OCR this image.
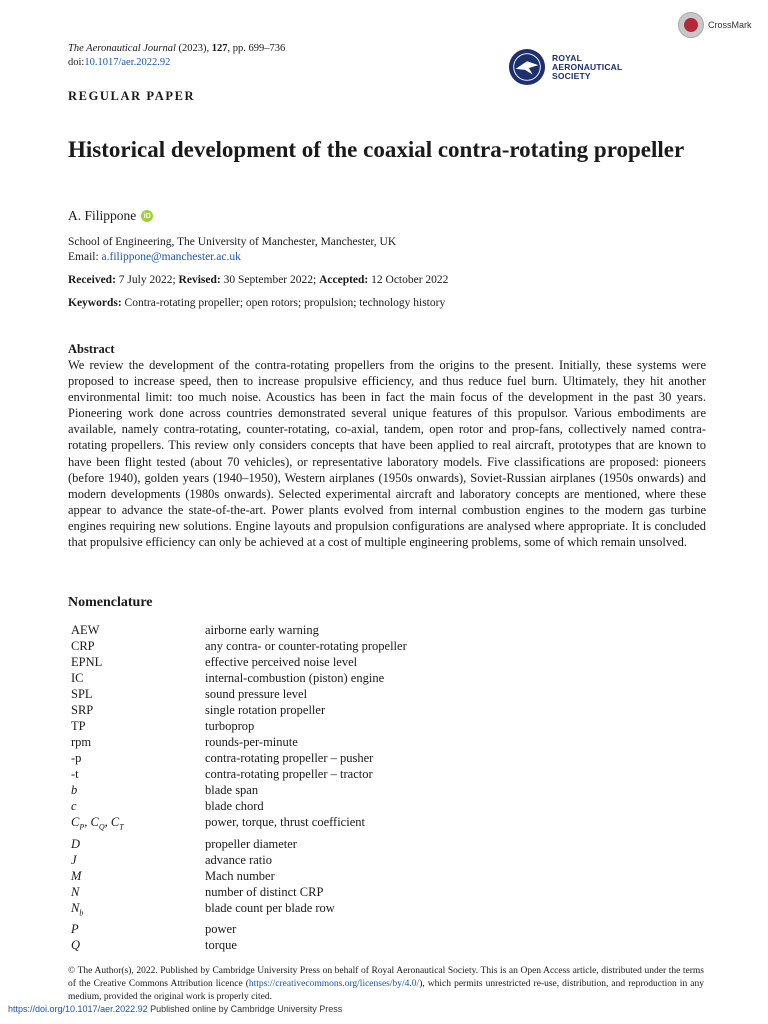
The Aeronautical Journal (2023), 127, pp. 699–736
doi:10.1017/aer.2022.92
CrossMark
ROYAL
AERONAUTICAL
SOCIETY
REGULAR PAPER
Historical development of the coaxial contra-rotating propeller
A. Filippone	iD
School of Engineering, The University of Manchester, Manchester, UK
Email: a.filippone@manchester.ac.uk
Received: 7 July 2022; Revised: 30 September 2022; Accepted: 12 October 2022
Keywords: Contra-rotating propeller; open rotors; propulsion; technology history
Abstract
We review the development of the contra-rotating propellers from the origins to the present. Initially, these systems were proposed to increase speed, then to increase propulsive efficiency, and thus reduce fuel burn. Ultimately, they hit another environmental limit: too much noise. Acoustics has been in fact the main focus of the development in the past 30 years. Pioneering work done across countries demonstrated several unique features of this propulsor. Various embodiments are available, namely contra-rotating, counter-rotating, co-axial, tandem, open rotor and prop-fans, collectively named contra-rotating propellers. This review only considers concepts that have been applied to real aircraft, prototypes that are known to have been flight tested (about 70 vehicles), or representative laboratory models. Five classifications are proposed: pioneers (before 1940), golden years (1940–1950), Western airplanes (1950s onwards), Soviet-Russian airplanes (1950s onwards) and modern developments (1980s onwards). Selected experimental aircraft and laboratory concepts are mentioned, where these appear to advance the state-of-the-art. Power plants evolved from internal combustion engines to the modern gas turbine engines requiring new solutions. Engine layouts and propulsion configurations are analysed where appropriate. It is concluded that propulsive efficiency can only be achieved at a cost of multiple engineering problems, some of which remain unsolved.
Nomenclature
AEW	airborne early warning
CRP	any contra- or counter-rotating propeller
EPNL	effective perceived noise level
IC	internal-combustion (piston) engine
SPL	sound pressure level
SRP	single rotation propeller
TP	turboprop
rpm	rounds-per-minute
-p	contra-rotating propeller – pusher
-t	contra-rotating propeller – tractor
b	blade span
c	blade chord
$C_P$, $C_Q$, $C_T$	power, torque, thrust coefficient
D	propeller diameter
J	advance ratio
M	Mach number
N	number of distinct CRP
$N_b$	blade count per blade row
P	power
Q	torque
© The Author(s), 2022. Published by Cambridge University Press on behalf of Royal Aeronautical Society. This is an Open Access article, distributed under the terms of the Creative Commons Attribution licence (https://creativecommons.org/licenses/by/4.0/), which permits unrestricted re-use, distribution, and reproduction in any medium, provided the original work is properly cited.
https://doi.org/10.1017/aer.2022.92 Published online by Cambridge University Press
